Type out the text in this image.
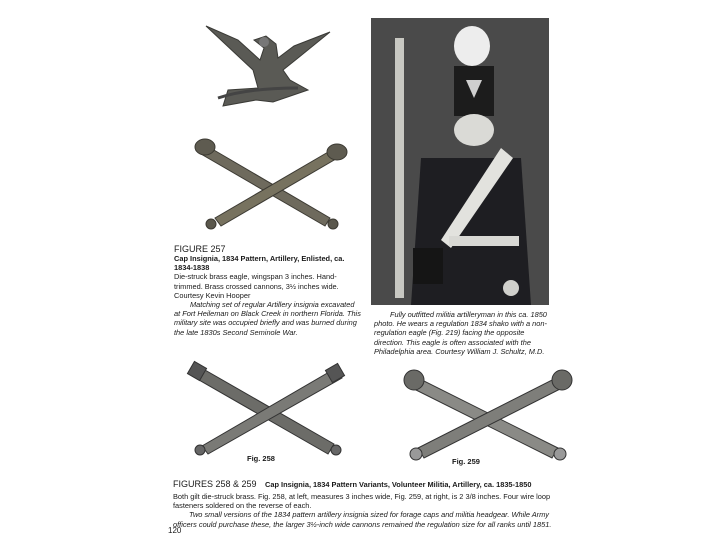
FIGURE 257
Cap Insignia, 1834 Pattern, Artillery, Enlisted, ca. 1834-1838
Die-struck brass eagle, wingspan 3 inches. Hand-trimmed. Brass crossed cannons, 3½ inches wide. Courtesy Kevin Hooper
Matching set of regular Artillery insignia excavated at Fort Heileman on Black Creek in northern Florida. This military site was occupied briefly and was burned during the late 1830s Second Seminole War.
Fully outfitted militia artilleryman in this ca. 1850 photo. He wears a regulation 1834 shako with a non-regulation eagle (Fig. 219) facing the opposite direction. This eagle is often associated with the Philadelphia area. Courtesy William J. Schultz, M.D.
Fig. 258	Fig. 259
FIGURES 258 & 259 Cap Insignia, 1834 Pattern Variants, Volunteer Militia, Artillery, ca. 1835-1850
Both gilt die-struck brass. Fig. 258, at left, measures 3 inches wide, Fig. 259, at right, is 2 3/8 inches. Four wire loop fasteners soldered on the reverse of each.
Two small versions of the 1834 pattern artillery insignia sized for forage caps and militia headgear. While Army officers could purchase these, the larger 3½-inch wide cannons remained the regulation size for all ranks until 1851.
120
